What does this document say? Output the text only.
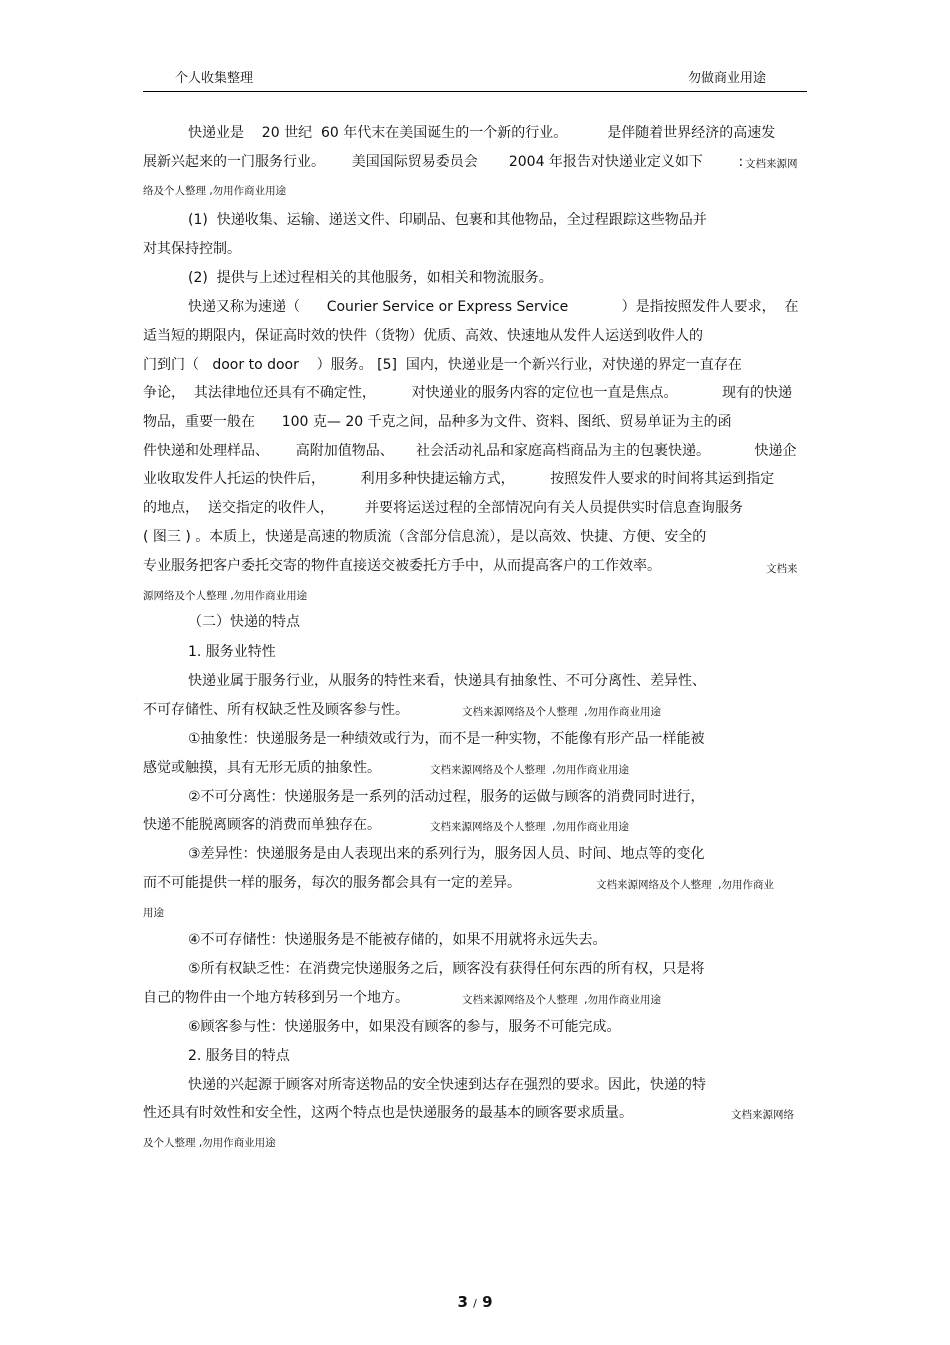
个人收集整理	勿做商业用途
快递业是    20 世纪  60 年代末在美国诞生的一个新的行业。         是伴随着世界经济的高速发
展新兴起来的一门服务行业。      美国国际贸易委员会       2004 年报告对快递业定义如下        : 文档来源网
络及个人整理 ,勿用作商业用途
(1)  快递收集、运输、递送文件、印刷品、包裹和其他物品，全过程跟踪这些物品并
对其保持控制。
(2)  提供与上述过程相关的其他服务，如相关和物流服务。
快递又称为速递（      Courier Service or Express Service            ）是指按照发件人要求，  在
适当短的期限内，保证高时效的快件（货物）优质、高效、快速地从发件人运送到收件人的
门到门（   door to door    ）服务。 [5]  国内，快递业是一个新兴行业，对快递的界定一直存在
争论，  其法律地位还具有不确定性，        对快递业的服务内容的定位也一直是焦点。          现有的快递
物品，重要一般在      100 克— 20 千克之间，品种多为文件、资料、图纸、贸易单证为主的函
件快递和处理样品、      高附加值物品、     社会活动礼品和家庭高档商品为主的包裹快递。          快递企
业收取发件人托运的快件后，        利用多种快捷运输方式，        按照发件人要求的时间将其运到指定
的地点，  送交指定的收件人，       并要将运送过程的全部情况向有关人员提供实时信息查询服务
( 图三 ) 。本质上，快递是高速的物质流（含部分信息流），是以高效、快捷、方便、安全的
专业服务把客户委托交寄的物件直接送交被委托方手中，从而提高客户的工作效率。	文档来
源网络及个人整理 ,勿用作商业用途
（二）快递的特点
1. 服务业特性
快递业属于服务行业，从服务的特性来看，快递具有抽象性、不可分离性、差异性、
不可存储性、所有权缺乏性及顾客参与性。	文档来源网络及个人整理  ,勿用作商业用途
①抽象性：快递服务是一种绩效或行为，而不是一种实物，不能像有形产品一样能被
感觉或触摸，具有无形无质的抽象性。	文档来源网络及个人整理  ,勿用作商业用途
②不可分离性：快递服务是一系列的活动过程，服务的运做与顾客的消费同时进行，
快递不能脱离顾客的消费而单独存在。	文档来源网络及个人整理  ,勿用作商业用途
③差异性：快递服务是由人表现出来的系列行为，服务因人员、时间、地点等的变化
而不可能提供一样的服务，每次的服务都会具有一定的差异。	文档来源网络及个人整理  ,勿用作商业
用途
④不可存储性：快递服务是不能被存储的，如果不用就将永远失去。
⑤所有权缺乏性：在消费完快递服务之后，顾客没有获得任何东西的所有权，只是将
自己的物件由一个地方转移到另一个地方。	文档来源网络及个人整理  ,勿用作商业用途
⑥顾客参与性：快递服务中，如果没有顾客的参与，服务不可能完成。
2. 服务目的特点
快递的兴起源于顾客对所寄送物品的安全快速到达存在强烈的要求。因此，快递的特
性还具有时效性和安全性，这两个特点也是快递服务的最基本的顾客要求质量。	文档来源网络
及个人整理 ,勿用作商业用途
3 / 9
